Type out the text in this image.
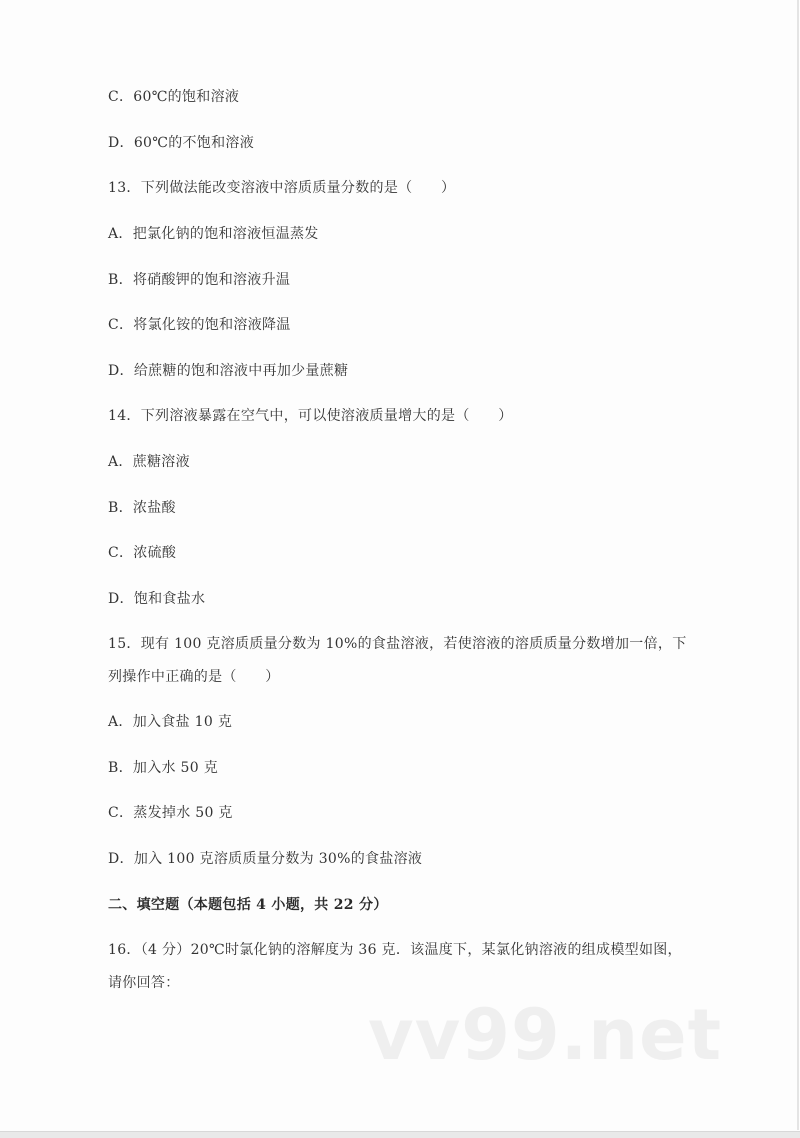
C．60℃的饱和溶液
D．60℃的不饱和溶液
13．下列做法能改变溶液中溶质质量分数的是（　　）
A．把氯化钠的饱和溶液恒温蒸发
B．将硝酸钾的饱和溶液升温
C．将氯化铵的饱和溶液降温
D．给蔗糖的饱和溶液中再加少量蔗糖
14．下列溶液暴露在空气中，可以使溶液质量增大的是（　　）
A．蔗糖溶液
B．浓盐酸
C．浓硫酸
D．饱和食盐水
15．现有 100 克溶质质量分数为 10%的食盐溶液，若使溶液的溶质质量分数增加一倍，下
列操作中正确的是（　　）
A．加入食盐 10 克
B．加入水 50 克
C．蒸发掉水 50 克
D．加入 100 克溶质质量分数为 30%的食盐溶液
二、填空题（本题包括 4 小题，共 22 分）
16．（4 分）20℃时氯化钠的溶解度为 36 克．该温度下，某氯化钠溶液的组成模型如图，
请你回答：
vv99.net
